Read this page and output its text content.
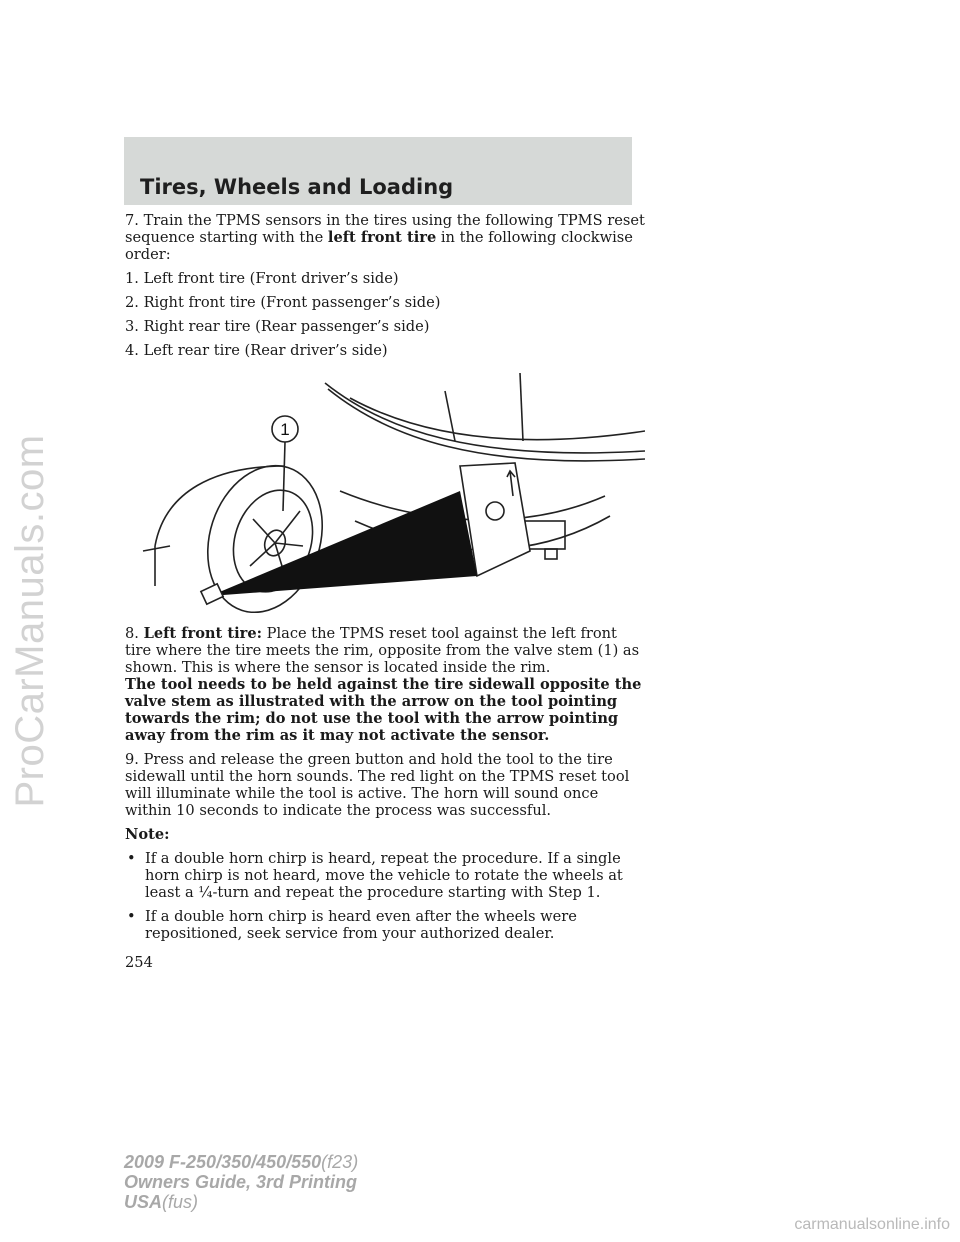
ProCarManuals.com
Tires, Wheels and Loading

7. Train the TPMS sensors in the tires using the following TPMS reset sequence starting with the left front tire in the following clockwise order:

1. Left front tire (Front driver’s side)

2. Right front tire (Front passenger’s side)

3. Right rear tire (Rear passenger’s side)

4. Left rear tire (Rear driver’s side)

1

8. Left front tire: Place the TPMS reset tool against the left front tire where the tire meets the rim, opposite from the valve stem (1) as shown. This is where the sensor is located inside the rim.

The tool needs to be held against the tire sidewall opposite the valve stem as illustrated with the arrow on the tool pointing towards the rim; do not use the tool with the arrow pointing away from the rim as it may not activate the sensor.

9. Press and release the green button and hold the tool to the tire sidewall until the horn sounds. The red light on the TPMS reset tool will illuminate while the tool is active. The horn will sound once within 10 seconds to indicate the process was successful.

Note:

• If a double horn chirp is heard, repeat the procedure. If a single horn chirp is not heard, move the vehicle to rotate the wheels at least a ¼-turn and repeat the procedure starting with Step 1.
• If a double horn chirp is heard even after the wheels were repositioned, seek service from your authorized dealer.
254
2009 F-250/350/450/550(f23)
Owners Guide, 3rd Printing
USA(fus)
carmanualsonline.info
